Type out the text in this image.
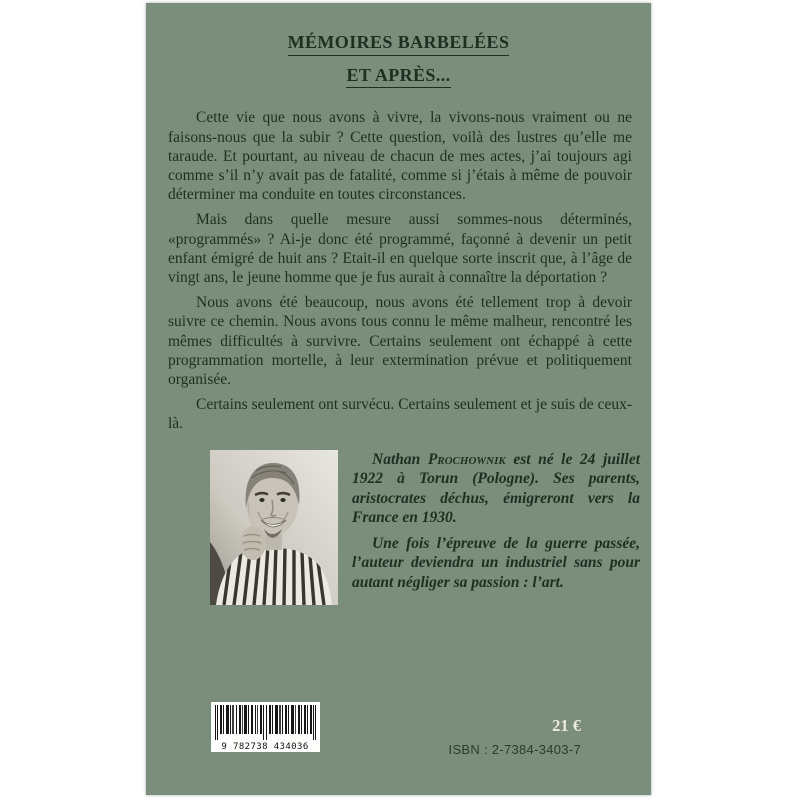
MÉMOIRES BARBELÉES
ET APRÈS...

Cette vie que nous avons à vivre, la vivons-nous vraiment ou ne faisons-nous que la subir ? Cette question, voilà des lustres qu’elle me taraude. Et pourtant, au niveau de chacun de mes actes, j’ai toujours agi comme s’il n’y avait pas de fatalité, comme si j’étais à même de pouvoir déterminer ma conduite en toutes circonstances.

Mais dans quelle mesure aussi sommes-nous déterminés, «programmés» ? Ai-je donc été programmé, façonné à devenir un petit enfant émigré de huit ans ? Etait-il en quelque sorte inscrit que, à l’âge de vingt ans, le jeune homme que je fus aurait à connaître la déportation ?

Nous avons été beaucoup, nous avons été tellement trop à devoir suivre ce chemin. Nous avons tous connu le même malheur, rencontré les mêmes difficultés à survivre. Certains seulement ont échappé à cette programmation mortelle, à leur extermination prévue et politiquement organisée.

Certains seulement ont survécu. Certains seulement et je suis de ceux-là.

Nathan Prochownik est né le 24 juillet 1922 à Torun (Pologne). Ses parents, aristocrates déchus, émigreront vers la France en 1930.

Une fois l’épreuve de la guerre passée, l’auteur deviendra un industriel sans pour autant négliger sa passion : l’art.

9 782738 434036
21 €
ISBN : 2-7384-3403-7
